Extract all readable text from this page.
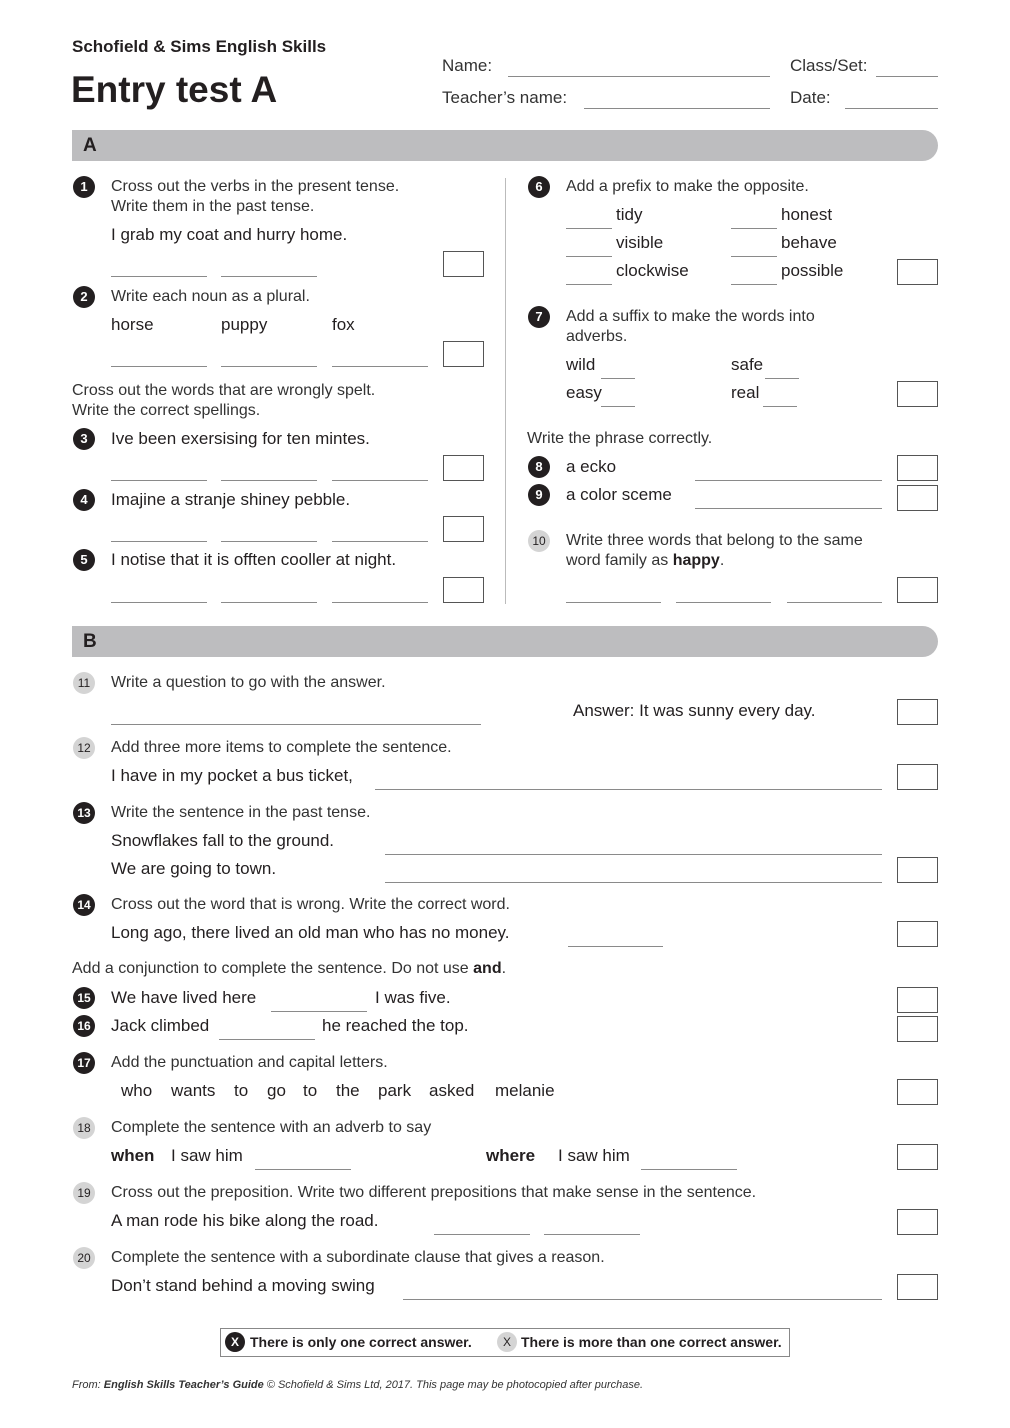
Schofield & Sims English Skills
Entry test A
Name:	Class/Set:
Teacher’s name:	Date:
A
1	Cross out the verbs in the present tense.
Write them in the past tense.
I grab my coat and hurry home.
2	Write each noun as a plural.
horse	puppy	fox
Cross out the words that are wrongly spelt.
Write the correct spellings.
3	Ive been exersising for ten mintes.
4	Imajine a stranje shiney pebble.
5	I notise that it is offten cooller at night.
6	Add a prefix to make the opposite.
tidy	honest
visible	behave
clockwise	possible
7	Add a suffix to make the words into
adverbs.
wild	safe
easy	real
Write the phrase correctly.
8	a ecko
9	a color sceme
10 Write three words that belong to the same
word family as happy.
B
11 Write a question to go with the answer.
Answer: It was sunny every day.
12 Add three more items to complete the sentence.
I have in my pocket a bus ticket,
13 Write the sentence in the past tense.
Snowflakes fall to the ground.
We are going to town.
14 Cross out the word that is wrong. Write the correct word.
Long ago, there lived an old man who has no money.
Add a conjunction to complete the sentence. Do not use and.
15 We have lived here	I was five.
16 Jack climbed	he reached the top.
17 Add the punctuation and capital letters.
who wants to go to the park asked melanie
18 Complete the sentence with an adverb to say
when I saw him	where I saw him
19 Cross out the preposition. Write two different prepositions that make sense in the sentence.
A man rode his bike along the road.
20 Complete the sentence with a subordinate clause that gives a reason.
Don’t stand behind a moving swing
X There is only one correct answer.	X There is more than one correct answer.
From: English Skills Teacher’s Guide © Schofield & Sims Ltd, 2017. This page may be photocopied after purchase.
